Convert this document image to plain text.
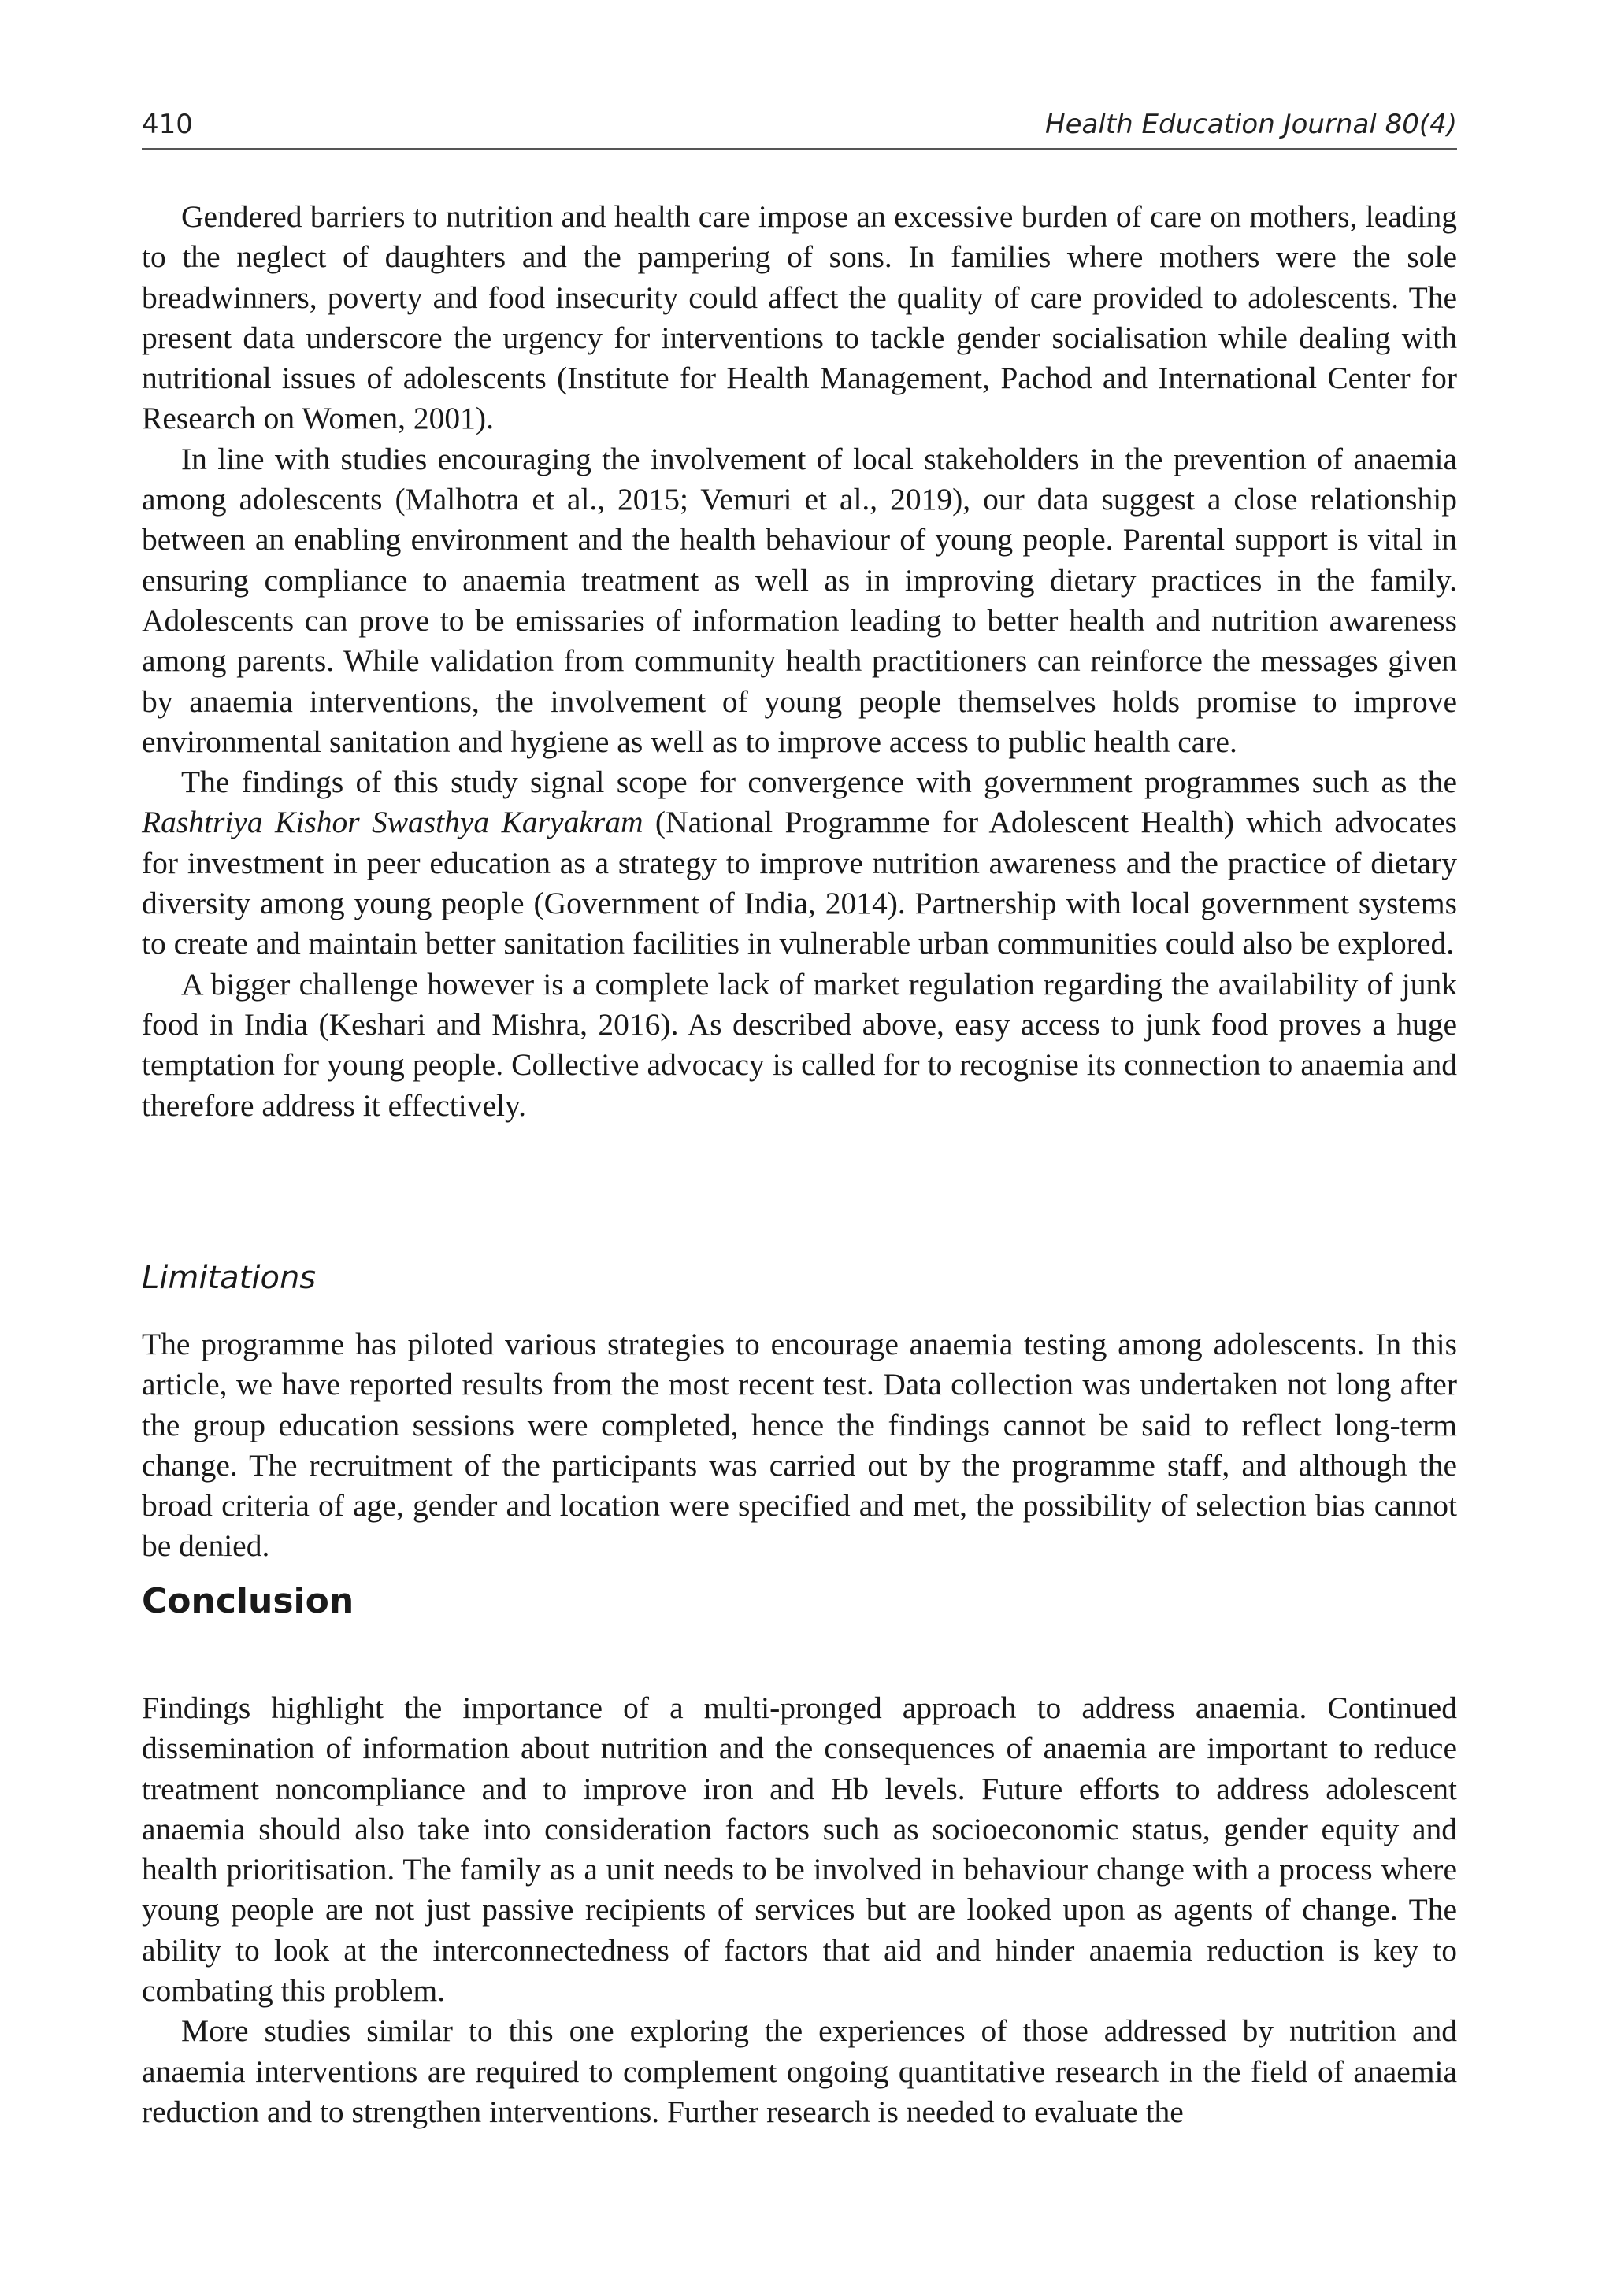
410	Health Education Journal 80(4)

Gendered barriers to nutrition and health care impose an excessive burden of care on mothers, leading to the neglect of daughters and the pampering of sons. In families where mothers were the sole breadwinners, poverty and food insecurity could affect the quality of care provided to adolescents. The present data underscore the urgency for interventions to tackle gender socialisation while dealing with nutritional issues of adolescents (Institute for Health Management, Pachod and International Center for Research on Women, 2001).

In line with studies encouraging the involvement of local stakeholders in the prevention of anaemia among adolescents (Malhotra et al., 2015; Vemuri et al., 2019), our data suggest a close relationship between an enabling environment and the health behaviour of young people. Parental support is vital in ensuring compliance to anaemia treatment as well as in improving dietary practices in the family. Adolescents can prove to be emissaries of information leading to better health and nutrition awareness among parents. While validation from community health practitioners can reinforce the messages given by anaemia interventions, the involvement of young people themselves holds promise to improve environmental sanitation and hygiene as well as to improve access to public health care.

The findings of this study signal scope for convergence with government programmes such as the Rashtriya Kishor Swasthya Karyakram (National Programme for Adolescent Health) which advocates for investment in peer education as a strategy to improve nutrition awareness and the practice of dietary diversity among young people (Government of India, 2014). Partnership with local government systems to create and maintain better sanitation facilities in vulnerable urban communities could also be explored.

A bigger challenge however is a complete lack of market regulation regarding the availability of junk food in India (Keshari and Mishra, 2016). As described above, easy access to junk food proves a huge temptation for young people. Collective advocacy is called for to recognise its connection to anaemia and therefore address it effectively.

Limitations

The programme has piloted various strategies to encourage anaemia testing among adolescents. In this article, we have reported results from the most recent test. Data collection was undertaken not long after the group education sessions were completed, hence the findings cannot be said to reflect long-term change. The recruitment of the participants was carried out by the programme staff, and although the broad criteria of age, gender and location were specified and met, the possibility of selection bias cannot be denied.

Conclusion

Findings highlight the importance of a multi-pronged approach to address anaemia. Continued dissemination of information about nutrition and the consequences of anaemia are important to reduce treatment noncompliance and to improve iron and Hb levels. Future efforts to address adolescent anaemia should also take into consideration factors such as socioeconomic status, gender equity and health prioritisation. The family as a unit needs to be involved in behaviour change with a process where young people are not just passive recipients of services but are looked upon as agents of change. The ability to look at the interconnectedness of factors that aid and hinder anaemia reduction is key to combating this problem.

More studies similar to this one exploring the experiences of those addressed by nutrition and anaemia interventions are required to complement ongoing quantitative research in the field of anaemia reduction and to strengthen interventions. Further research is needed to evaluate the
